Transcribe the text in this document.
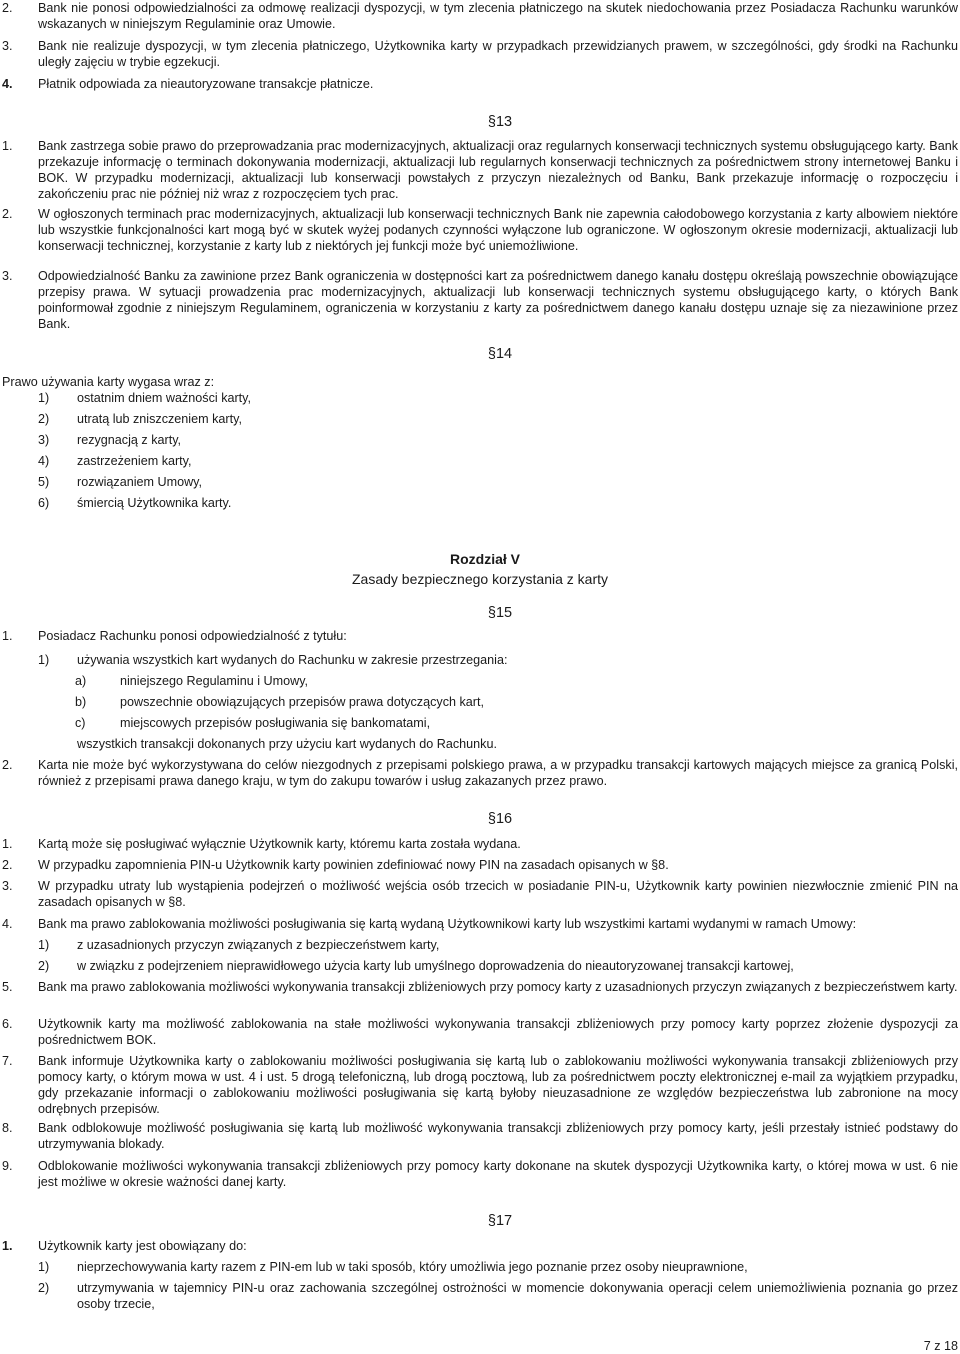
2. Bank nie ponosi odpowiedzialności za odmowę realizacji dyspozycji, w tym zlecenia płatniczego na skutek niedochowania przez Posiadacza Rachunku warunków wskazanych w niniejszym Regulaminie oraz Umowie.

3. Bank nie realizuje dyspozycji, w tym zlecenia płatniczego, Użytkownika karty w przypadkach przewidzianych prawem, w szczególności, gdy środki na Rachunku uległy zajęciu w trybie egzekucji.

4. Płatnik odpowiada za nieautoryzowane transakcje płatnicze.

§13

1. Bank zastrzega sobie prawo do przeprowadzania prac modernizacyjnych, aktualizacji oraz regularnych konserwacji technicznych systemu obsługującego karty. Bank przekazuje informację o terminach dokonywania modernizacji, aktualizacji lub regularnych konserwacji technicznych za pośrednictwem strony internetowej Banku i BOK. W przypadku modernizacji, aktualizacji lub konserwacji powstałych z przyczyn niezależnych od Banku, Bank przekazuje informację o rozpoczęciu i zakończeniu prac nie później niż wraz z rozpoczęciem tych prac.

2. W ogłoszonych terminach prac modernizacyjnych, aktualizacji lub konserwacji technicznych Bank nie zapewnia całodobowego korzystania z karty albowiem niektóre lub wszystkie funkcjonalności kart mogą być w skutek wyżej podanych czynności wyłączone lub ograniczone. W ogłoszonym okresie modernizacji, aktualizacji lub konserwacji technicznej, korzystanie z karty lub z niektórych jej funkcji może być uniemożliwione.

3. Odpowiedzialność Banku za zawinione przez Bank ograniczenia w dostępności kart za pośrednictwem danego kanału dostępu określają powszechnie obowiązujące przepisy prawa. W sytuacji prowadzenia prac modernizacyjnych, aktualizacji lub konserwacji technicznych systemu obsługującego karty, o których Bank poinformował zgodnie z niniejszym Regulaminem, ograniczenia w korzystaniu z karty za pośrednictwem danego kanału dostępu uznaje się za niezawinione przez Bank.

§14

Prawo używania karty wygasa wraz z:

1) ostatnim dniem ważności karty,

2) utratą lub zniszczeniem karty,

3) rezygnacją z karty,

4) zastrzeżeniem karty,

5) rozwiązaniem Umowy,

6) śmiercią Użytkownika karty.

Rozdział V
Zasady bezpiecznego korzystania z karty
§15

1. Posiadacz Rachunku ponosi odpowiedzialność z tytułu:

1) używania wszystkich kart wydanych do Rachunku w zakresie przestrzegania:

a)	niniejszego Regulaminu i Umowy,

b)	powszechnie obowiązujących przepisów prawa dotyczących kart,

c)	miejscowych przepisów posługiwania się bankomatami,

wszystkich transakcji dokonanych przy użyciu kart wydanych do Rachunku.

2. Karta nie może być wykorzystywana do celów niezgodnych z przepisami polskiego prawa, a w przypadku transakcji kartowych mających miejsce za granicą Polski, również z przepisami prawa danego kraju, w tym do zakupu towarów i usług zakazanych przez prawo.

§16

1. Kartą może się posługiwać wyłącznie Użytkownik karty, któremu karta została wydana.

2. W przypadku zapomnienia PIN-u Użytkownik karty powinien zdefiniować nowy PIN na zasadach opisanych w §8.

3. W przypadku utraty lub wystąpienia podejrzeń o możliwość wejścia osób trzecich w posiadanie PIN-u, Użytkownik karty powinien niezwłocznie zmienić PIN na zasadach opisanych w §8.

4. Bank ma prawo zablokowania możliwości posługiwania się kartą wydaną Użytkownikowi karty lub wszystkimi kartami wydanymi w ramach Umowy:

1) z uzasadnionych przyczyn związanych z bezpieczeństwem karty,

2) w związku z podejrzeniem nieprawidłowego użycia karty lub umyślnego doprowadzenia do nieautoryzowanej transakcji kartowej,

5. Bank ma prawo zablokowania możliwości wykonywania transakcji zbliżeniowych przy pomocy karty z uzasadnionych przyczyn związanych z bezpieczeństwem karty.

6. Użytkownik karty ma możliwość zablokowania na stałe możliwości wykonywania transakcji zbliżeniowych przy pomocy karty poprzez złożenie dyspozycji za pośrednictwem BOK.

7. Bank informuje Użytkownika karty o zablokowaniu możliwości posługiwania się kartą lub o zablokowaniu możliwości wykonywania transakcji zbliżeniowych przy pomocy karty, o którym mowa w ust. 4 i ust. 5 drogą telefoniczną, lub drogą pocztową, lub za pośrednictwem poczty elektronicznej e-mail za wyjątkiem przypadku, gdy przekazanie informacji o zablokowaniu możliwości posługiwania się kartą byłoby nieuzasadnione ze względów bezpieczeństwa lub zabronione na mocy odrębnych przepisów.

8. Bank odblokowuje możliwość posługiwania się kartą lub możliwość wykonywania transakcji zbliżeniowych przy pomocy karty, jeśli przestały istnieć podstawy do utrzymywania blokady.

9. Odblokowanie możliwości wykonywania transakcji zbliżeniowych przy pomocy karty dokonane na skutek dyspozycji Użytkownika karty, o której mowa w ust. 6 nie jest możliwe w okresie ważności danej karty.

§17

1. Użytkownik karty jest obowiązany do:

1) nieprzechowywania karty razem z PIN-em lub w taki sposób, który umożliwia jego poznanie przez osoby nieuprawnione,

2) utrzymywania w tajemnicy PIN-u oraz zachowania szczególnej ostrożności w momencie dokonywania operacji celem uniemożliwienia poznania go przez osoby trzecie,

7 z 18
